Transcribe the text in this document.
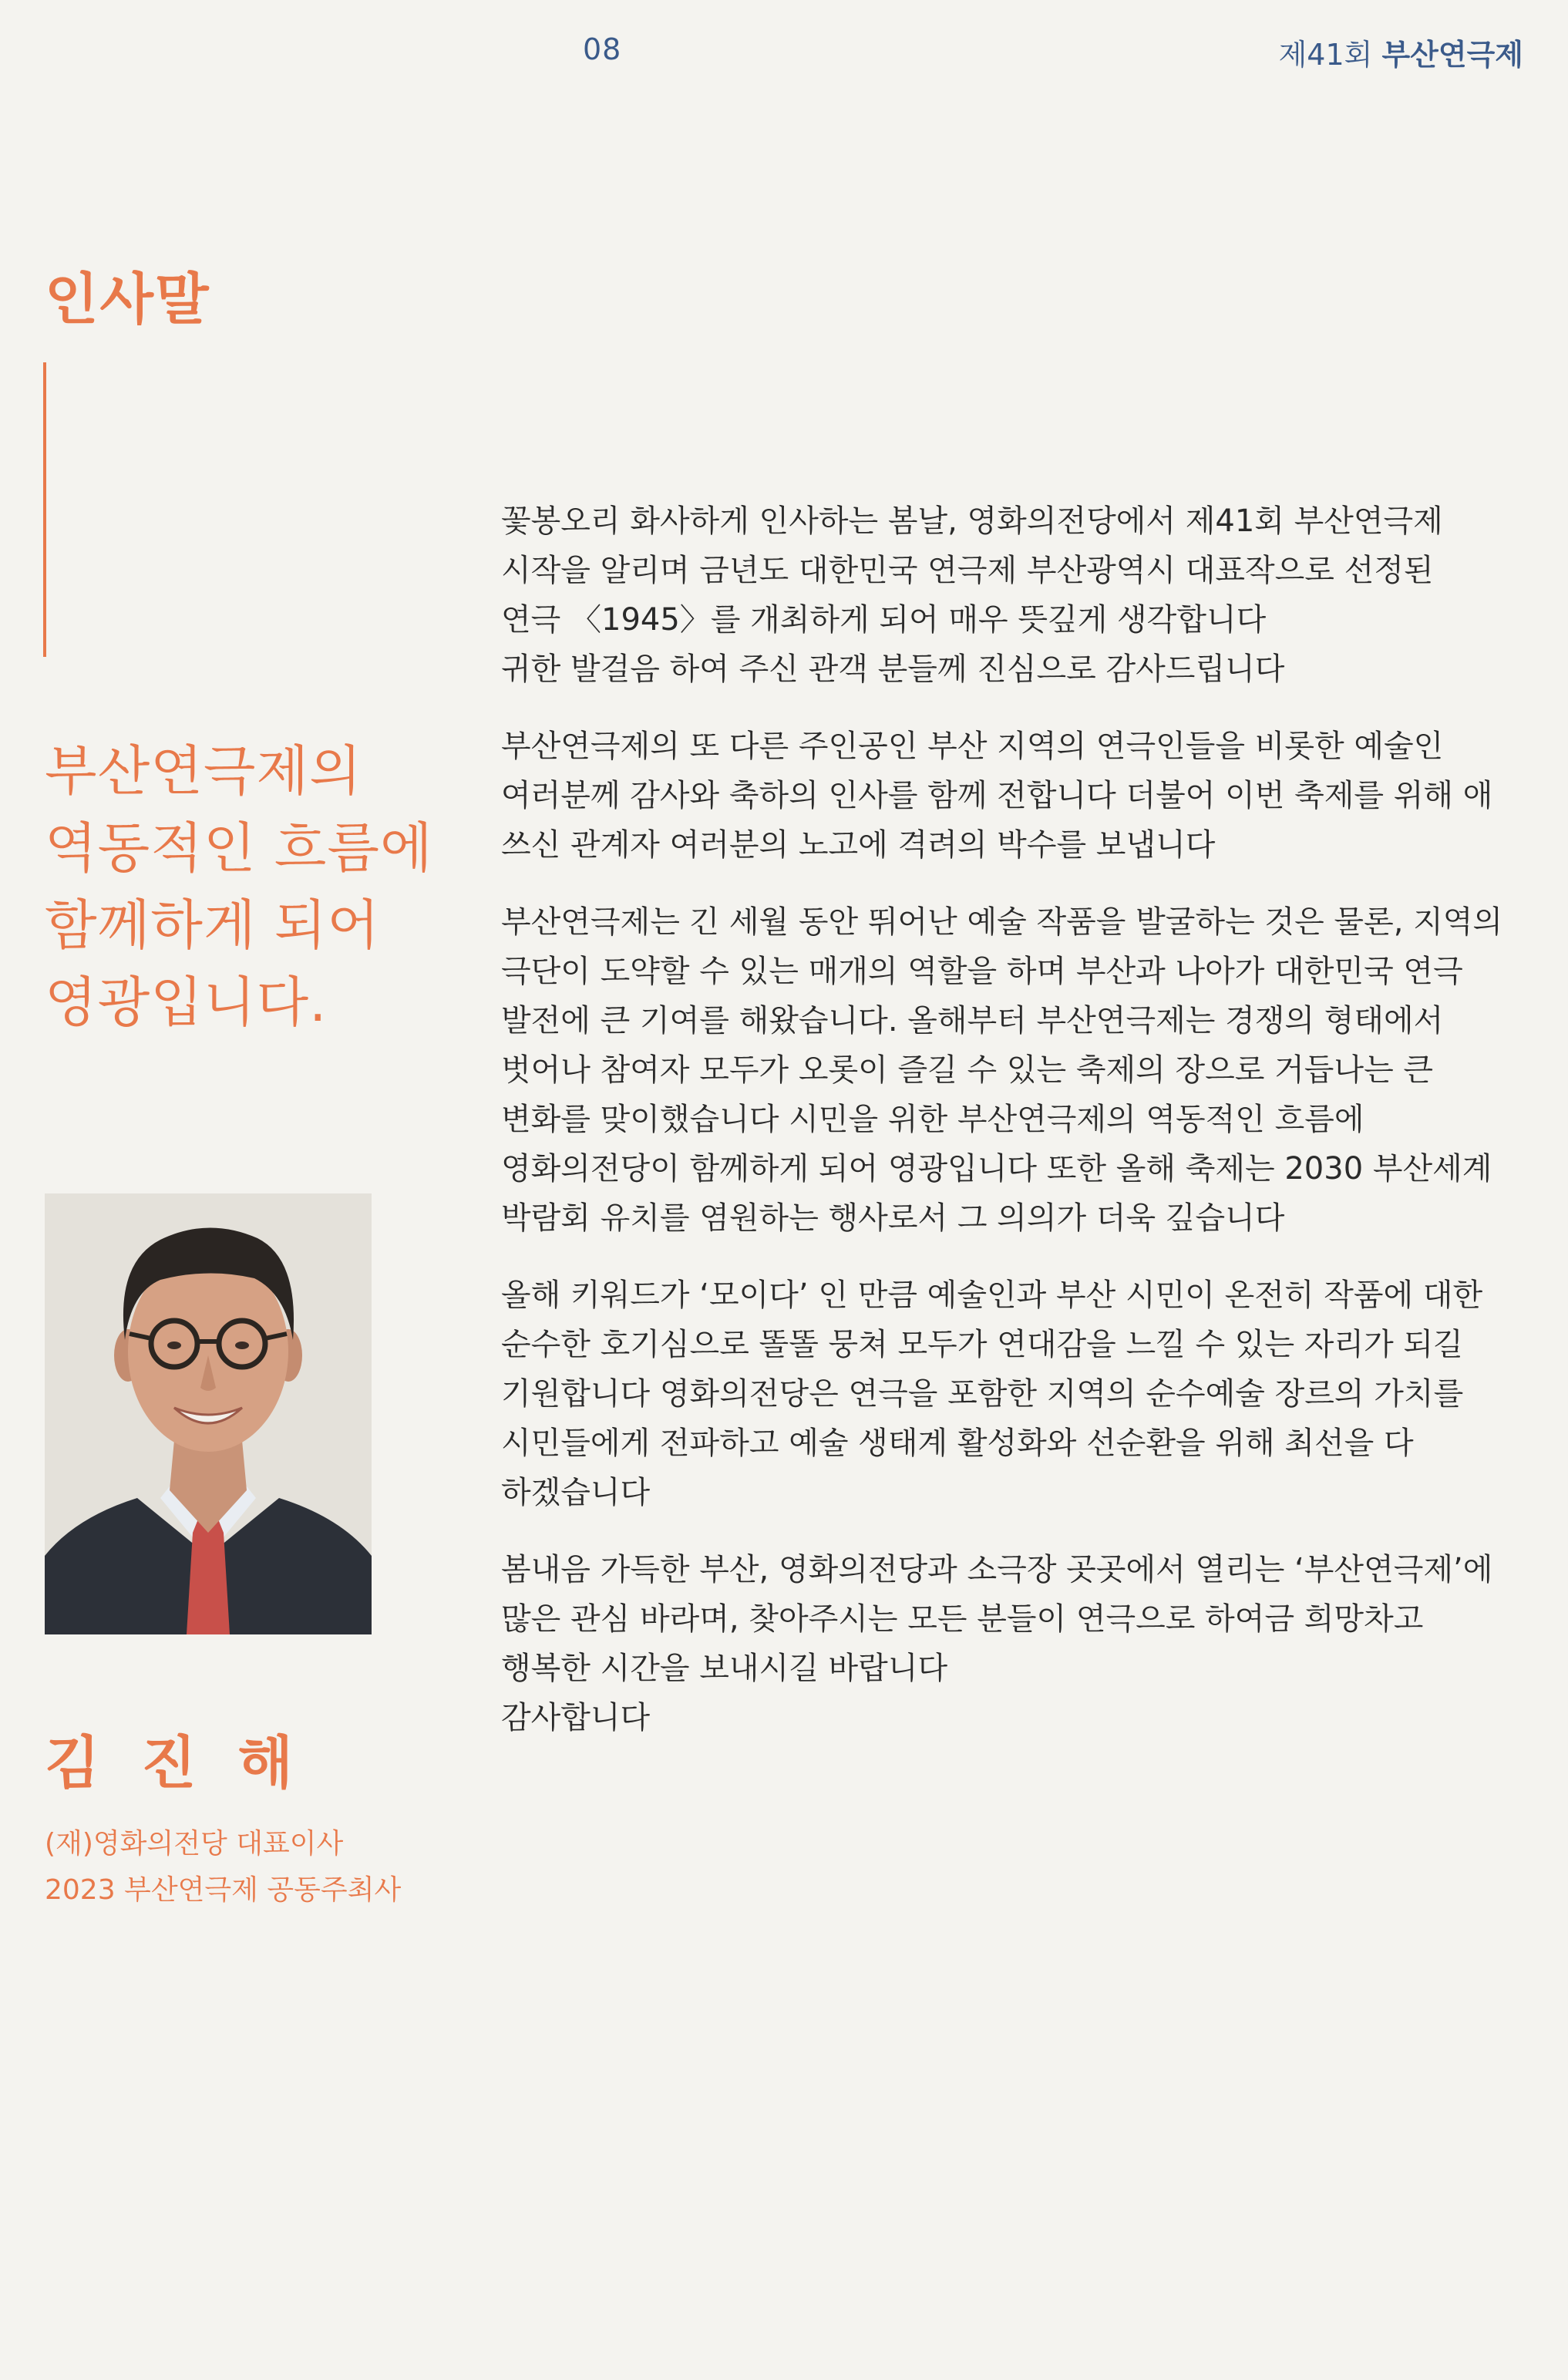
08	제41회 부산연극제
인사말
부산연극제의
역동적인 흐름에
함께하게 되어
영광입니다.
김 진 해
(재)영화의전당 대표이사
2023 부산연극제 공동주최사
꽃봉오리 화사하게 인사하는 봄날, 영화의전당에서 제41회 부산연극제
시작을 알리며 금년도 대한민국 연극제 부산광역시 대표작으로 선정된
연극 〈1945〉를 개최하게 되어 매우 뜻깊게 생각합니다
귀한 발걸음 하여 주신 관객 분들께 진심으로 감사드립니다
부산연극제의 또 다른 주인공인 부산 지역의 연극인들을 비롯한 예술인
여러분께 감사와 축하의 인사를 함께 전합니다 더불어 이번 축제를 위해 애
쓰신 관계자 여러분의 노고에 격려의 박수를 보냅니다
부산연극제는 긴 세월 동안 뛰어난 예술 작품을 발굴하는 것은 물론, 지역의
극단이 도약할 수 있는 매개의 역할을 하며 부산과 나아가 대한민국 연극
발전에 큰 기여를 해왔습니다. 올해부터 부산연극제는 경쟁의 형태에서
벗어나 참여자 모두가 오롯이 즐길 수 있는 축제의 장으로 거듭나는 큰
변화를 맞이했습니다 시민을 위한 부산연극제의 역동적인 흐름에
영화의전당이 함께하게 되어 영광입니다 또한 올해 축제는 2030 부산세계
박람회 유치를 염원하는 행사로서 그 의의가 더욱 깊습니다
올해 키워드가 ‘모이다’ 인 만큼 예술인과 부산 시민이 온전히 작품에 대한
순수한 호기심으로 똘똘 뭉쳐 모두가 연대감을 느낄 수 있는 자리가 되길
기원합니다 영화의전당은 연극을 포함한 지역의 순수예술 장르의 가치를
시민들에게 전파하고 예술 생태계 활성화와 선순환을 위해 최선을 다
하겠습니다
봄내음 가득한 부산, 영화의전당과 소극장 곳곳에서 열리는 ‘부산연극제’에
많은 관심 바라며, 찾아주시는 모든 분들이 연극으로 하여금 희망차고
행복한 시간을 보내시길 바랍니다
감사합니다
